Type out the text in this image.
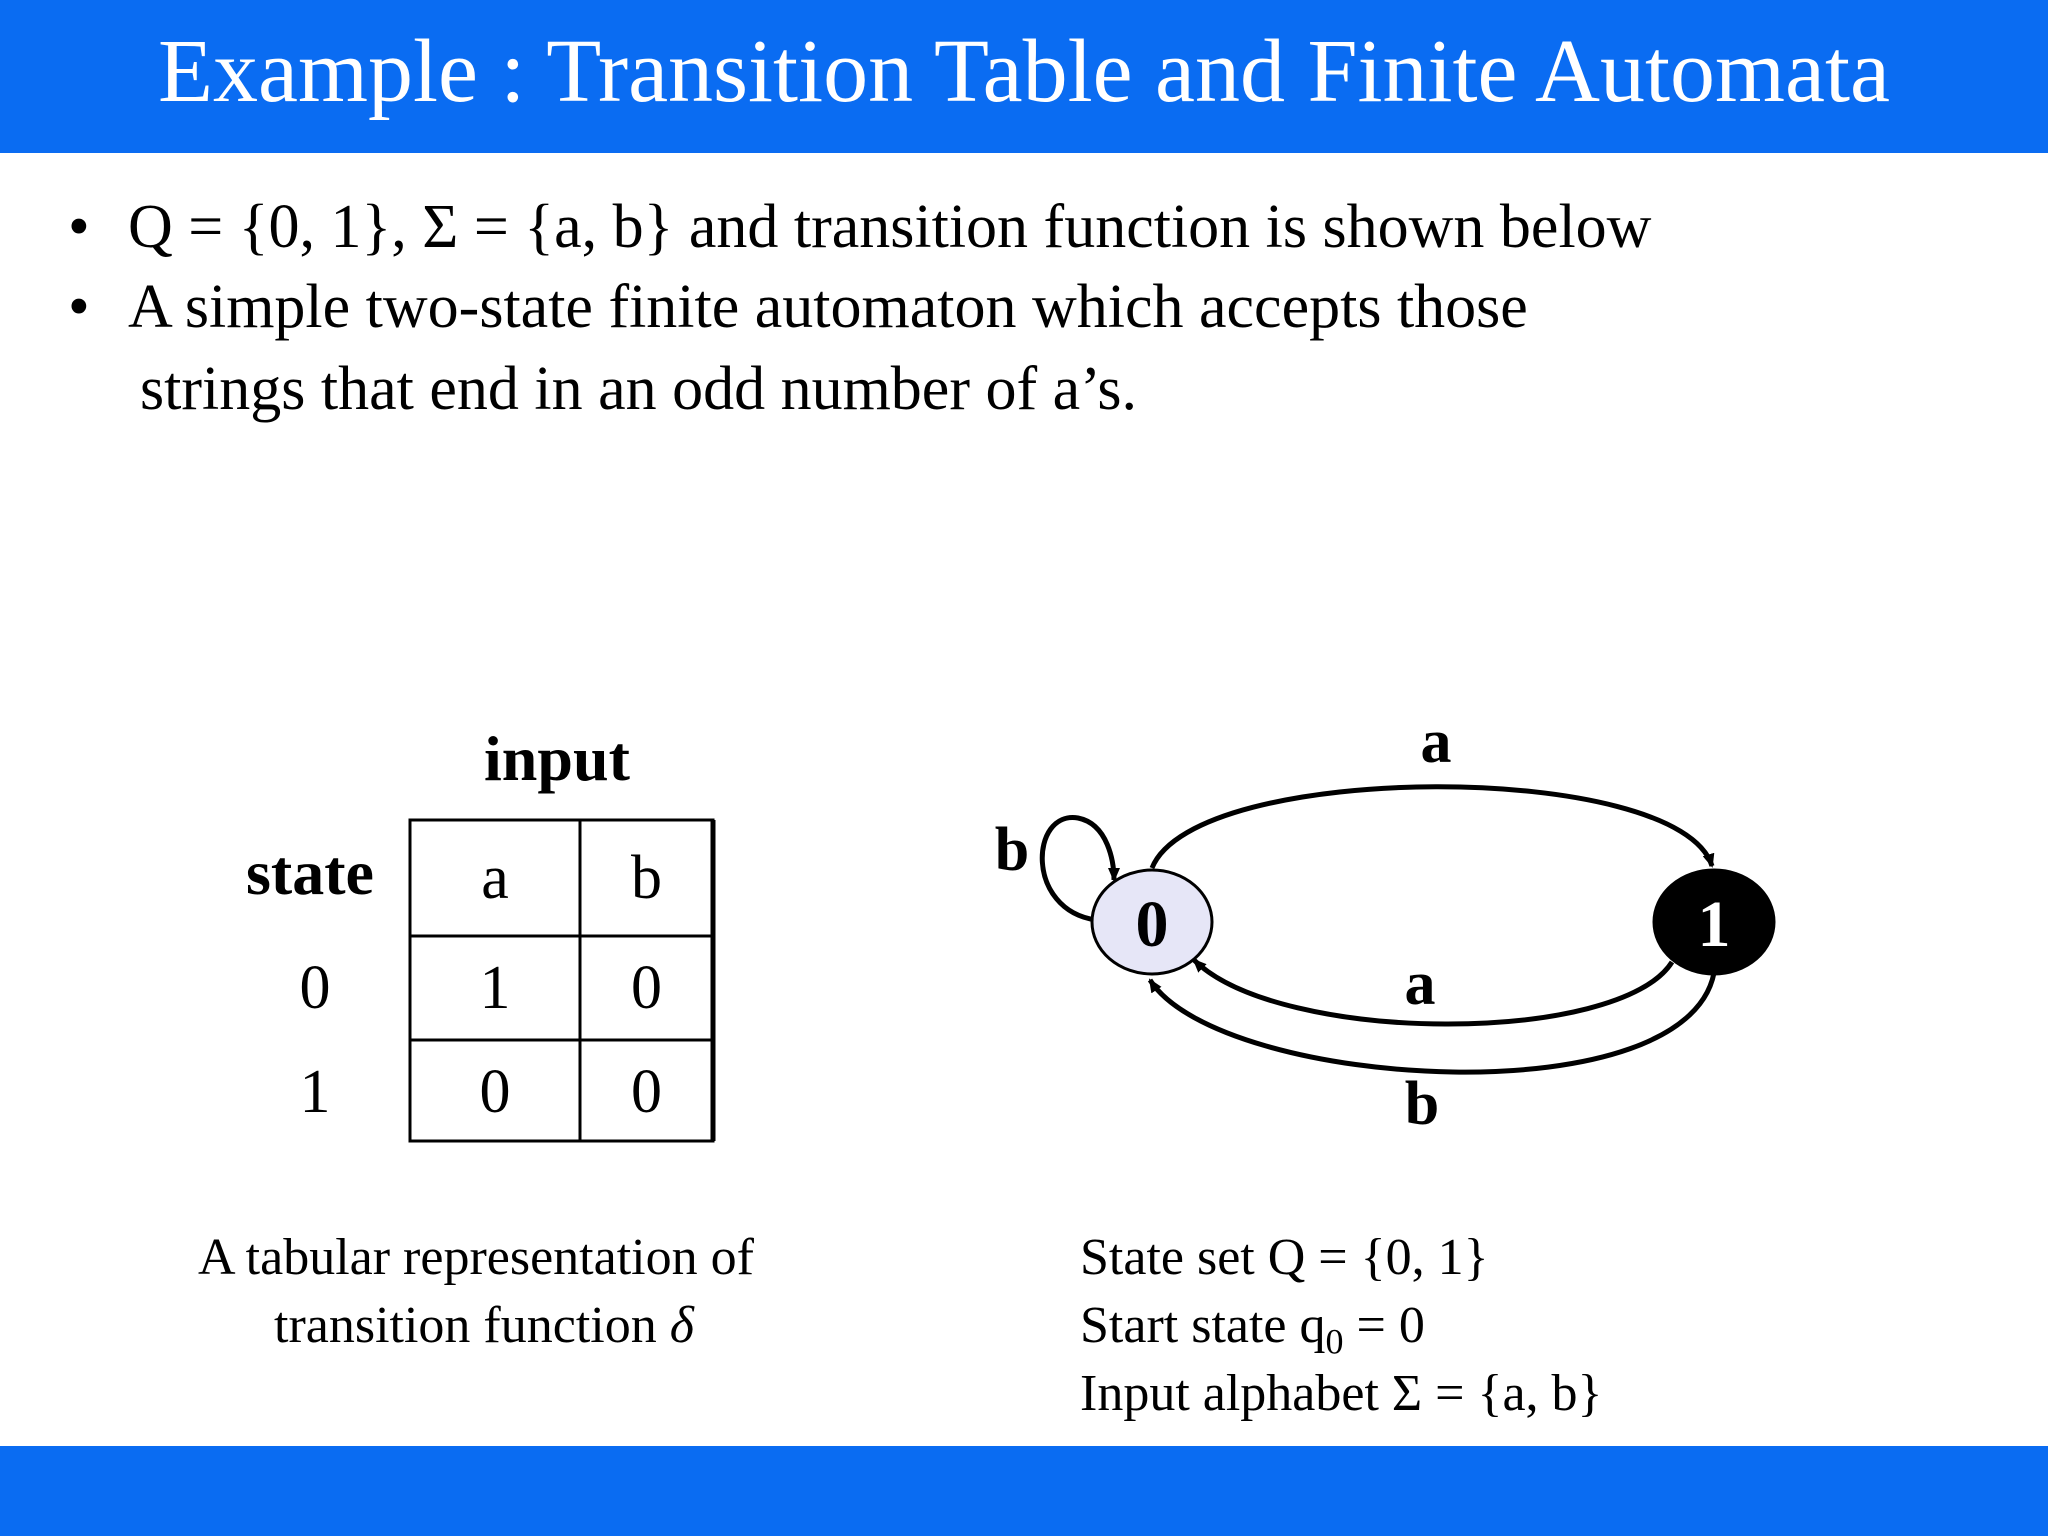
Example : Transition Table and Finite Automata
• Q = {0, 1}, Σ = {a, b} and transition function is shown below
• A simple two-state finite automaton which accepts those
strings that end in an odd number of a’s.
input
state	a	b
0	1	0
1	0	0
A tabular representation of
transition function δ
0	1
a
a
b
b
State set Q = {0, 1}
Start state $q_0 = 0$
Input alphabet Σ = {a, b}
